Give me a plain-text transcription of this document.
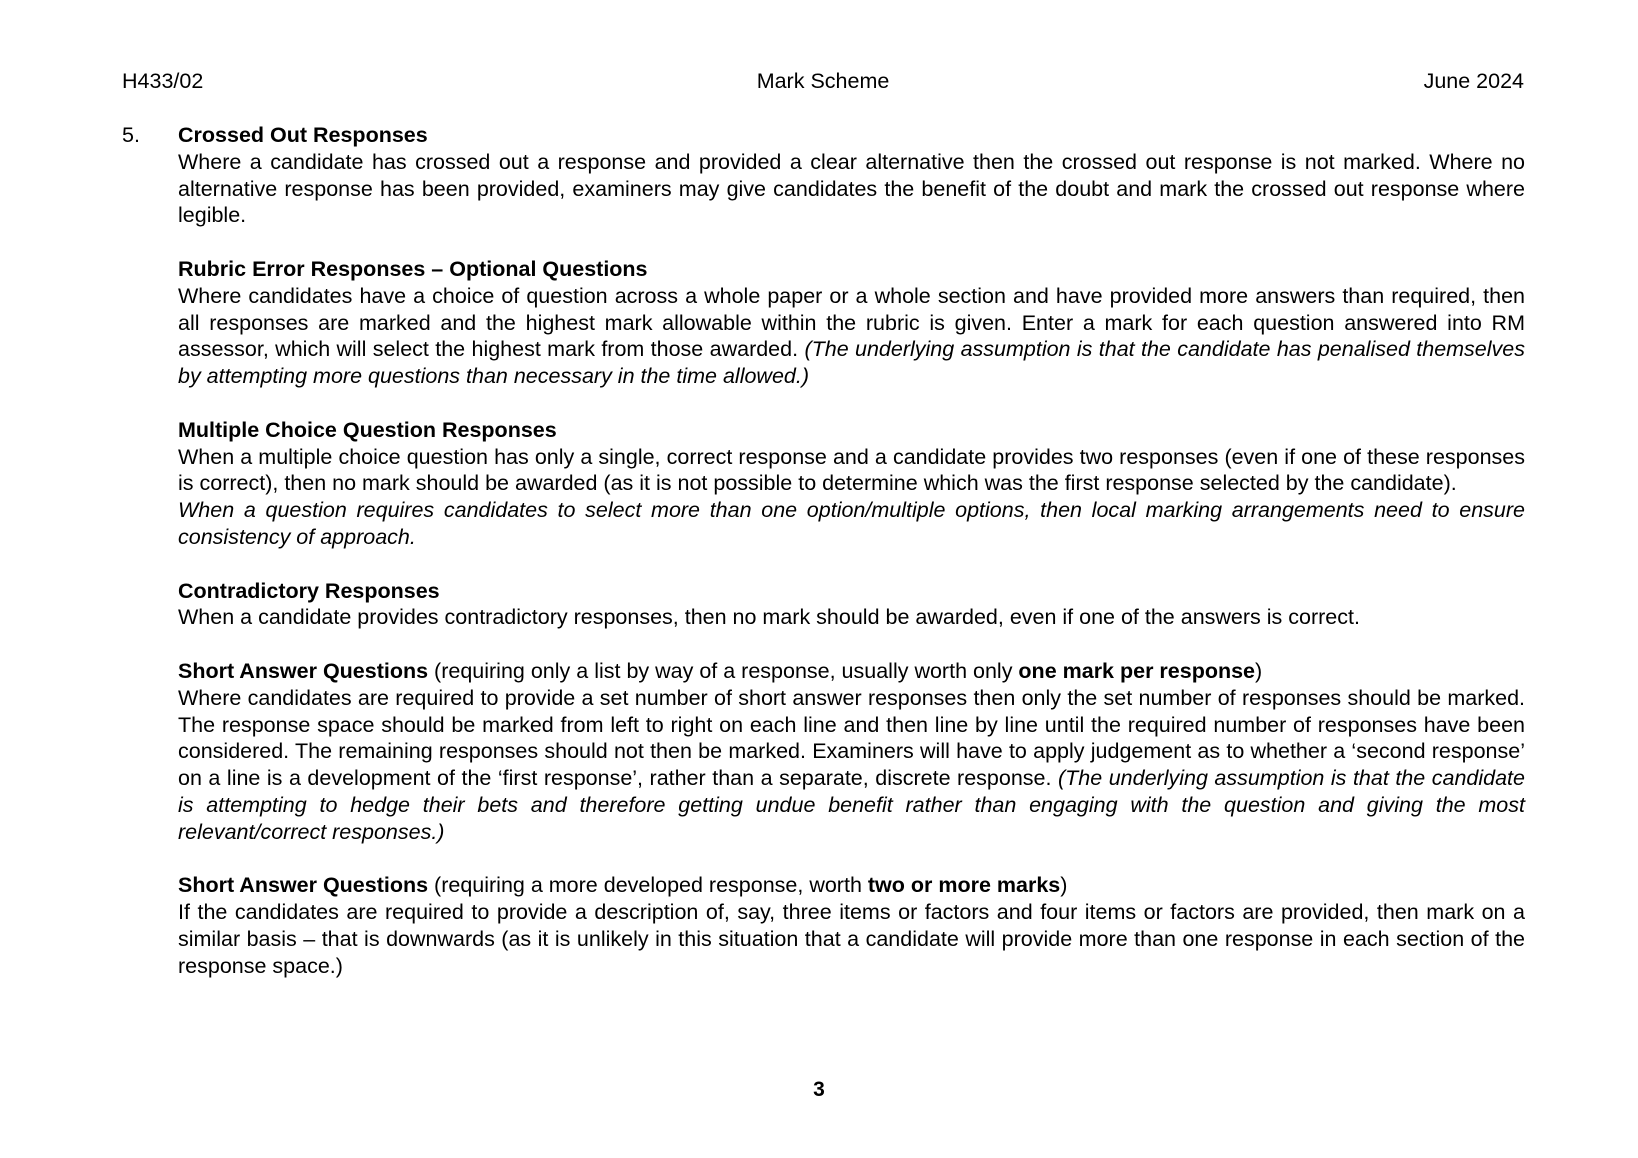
H433/02	Mark Scheme	June 2024
5.	Crossed Out Responses

Where a candidate has crossed out a response and provided a clear alternative then the crossed out response is not marked. Where no alternative response has been provided, examiners may give candidates the benefit of the doubt and mark the crossed out response where legible.

Rubric Error Responses – Optional Questions

Where candidates have a choice of question across a whole paper or a whole section and have provided more answers than required, then all responses are marked and the highest mark allowable within the rubric is given. Enter a mark for each question answered into RM assessor, which will select the highest mark from those awarded. (The underlying assumption is that the candidate has penalised themselves by attempting more questions than necessary in the time allowed.)

Multiple Choice Question Responses

When a multiple choice question has only a single, correct response and a candidate provides two responses (even if one of these responses is correct), then no mark should be awarded (as it is not possible to determine which was the first response selected by the candidate).

When a question requires candidates to select more than one option/multiple options, then local marking arrangements need to ensure consistency of approach.

Contradictory Responses

When a candidate provides contradictory responses, then no mark should be awarded, even if one of the answers is correct.

Short Answer Questions (requiring only a list by way of a response, usually worth only one mark per response)

Where candidates are required to provide a set number of short answer responses then only the set number of responses should be marked. The response space should be marked from left to right on each line and then line by line until the required number of responses have been considered. The remaining responses should not then be marked. Examiners will have to apply judgement as to whether a ‘second response’ on a line is a development of the ‘first response’, rather than a separate, discrete response. (The underlying assumption is that the candidate is attempting to hedge their bets and therefore getting undue benefit rather than engaging with the question and giving the most relevant/correct responses.)

Short Answer Questions (requiring a more developed response, worth two or more marks)

If the candidates are required to provide a description of, say, three items or factors and four items or factors are provided, then mark on a similar basis – that is downwards (as it is unlikely in this situation that a candidate will provide more than one response in each section of the response space.)

3
